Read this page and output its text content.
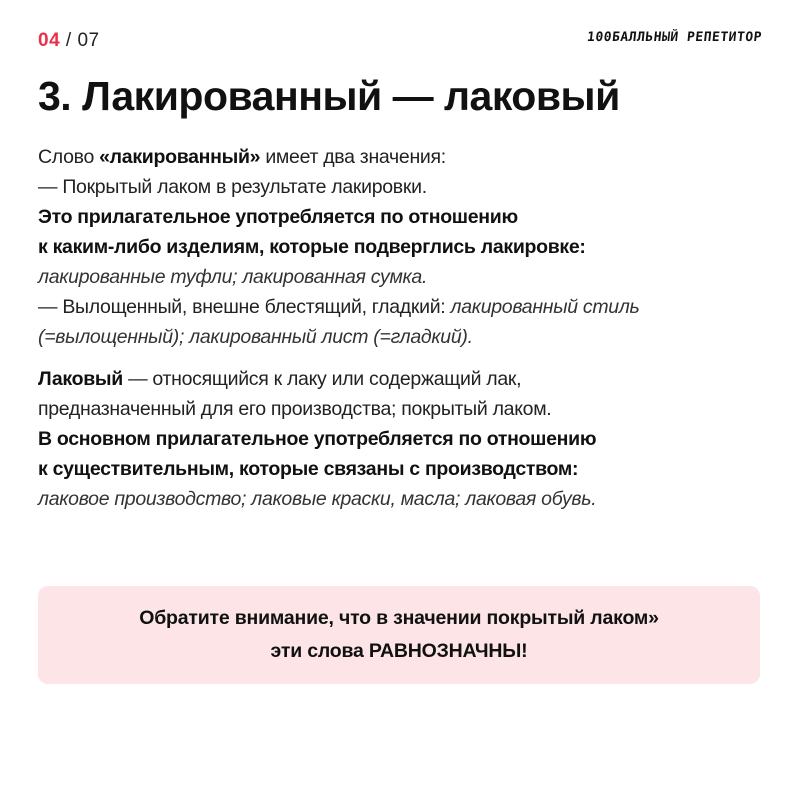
04 / 07	100БАЛЛЬНЫЙ РЕПЕТИТОР
3. Лакированный — лаковый
Слово «лакированный» имеет два значения:
— Покрытый лаком в результате лакировки.
Это прилагательное употребляется по отношению
к каким-либо изделиям, которые подверглись лакировке:
лакированные туфли; лакированная сумка.
— Вылощенный, внешне блестящий, гладкий: лакированный стиль
(=вылощенный); лакированный лист (=гладкий).
Лаковый — относящийся к лаку или содержащий лак,
предназначенный для его производства; покрытый лаком.
В основном прилагательное употребляется по отношению
к существительным, которые связаны с производством:
лаковое производство; лаковые краски, масла; лаковая обувь.
Обратите внимание, что в значении покрытый лаком»
эти слова РАВНОЗНАЧНЫ!
